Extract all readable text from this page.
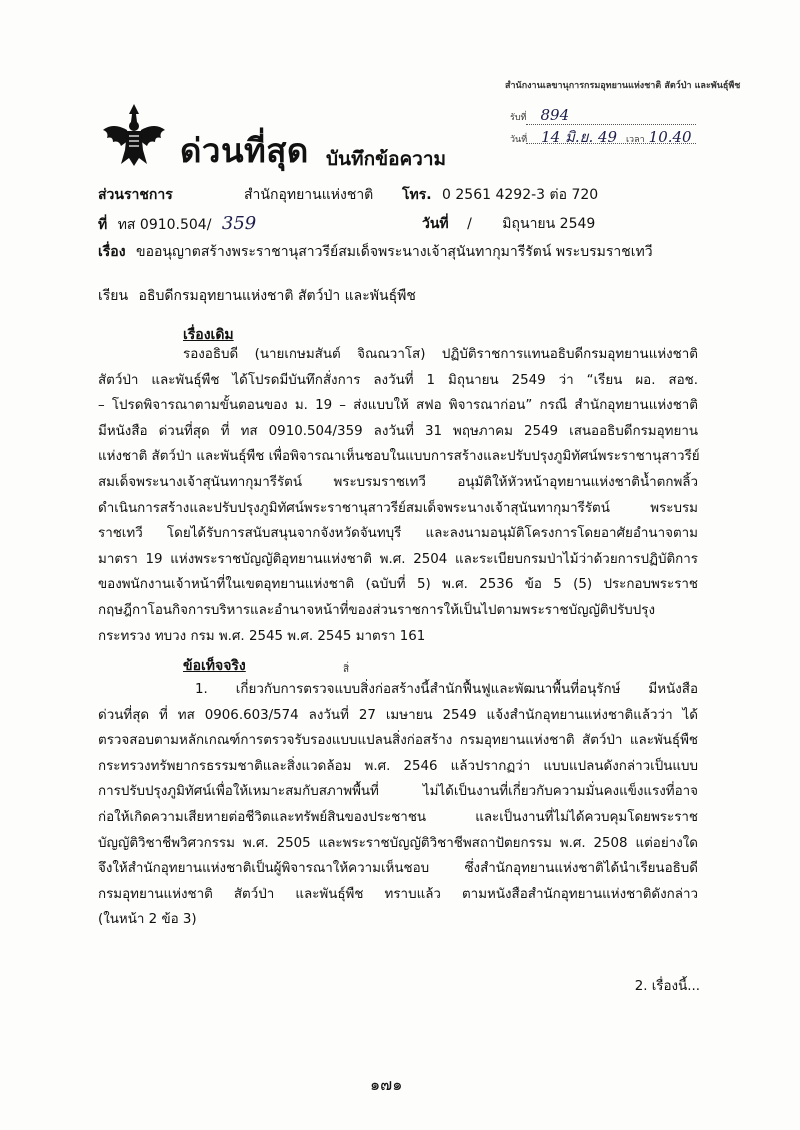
สำนักงานเลขานุการกรมอุทยานแห่งชาติ สัตว์ป่า และพันธุ์พืช
รับที่ 894
วันที่ 14 มิ.ย. 49 เวลา 10.40
ด่วนที่สุด บันทึกข้อความ
ส่วนราชการ	สำนักอุทยานแห่งชาติ โทร. 0 2561 4292-3 ต่อ 720
ที่ ทส 0910.504/ 359	วันที่ / มิถุนายน 2549
เรื่อง ขออนุญาตสร้างพระราชานุสาวรีย์สมเด็จพระนางเจ้าสุนันทากุมารีรัตน์ พระบรมราชเทวี
เรียน อธิบดีกรมอุทยานแห่งชาติ สัตว์ป่า และพันธุ์พืช
เรื่องเดิม
รองอธิบดี (นายเกษมสันต์ จิณณวาโส) ปฏิบัติราชการแทนอธิบดีกรมอุทยานแห่งชาติ
สัตว์ป่า และพันธุ์พืช ได้โปรดมีบันทึกสั่งการ ลงวันที่ 1 มิถุนายน 2549 ว่า “เรียน ผอ. สอช.
– โปรดพิจารณาตามขั้นตอนของ ม. 19 – ส่งแบบให้ สฟอ พิจารณาก่อน” กรณี สำนักอุทยานแห่งชาติ
มีหนังสือ ด่วนที่สุด ที่ ทส 0910.504/359 ลงวันที่ 31 พฤษภาคม 2549 เสนออธิบดีกรมอุทยาน
แห่งชาติ สัตว์ป่า และพันธุ์พืช เพื่อพิจารณาเห็นชอบในแบบการสร้างและปรับปรุงภูมิทัศน์พระราชานุสาวรีย์
สมเด็จพระนางเจ้าสุนันทากุมารีรัตน์ พระบรมราชเทวี อนุมัติให้หัวหน้าอุทยานแห่งชาติน้ำตกพลิ้ว
ดำเนินการสร้างและปรับปรุงภูมิทัศน์พระราชานุสาวรีย์สมเด็จพระนางเจ้าสุนันทากุมารีรัตน์ พระบรม
ราชเทวี โดยได้รับการสนับสนุนจากจังหวัดจันทบุรี และลงนามอนุมัติโครงการโดยอาศัยอำนาจตาม
มาตรา 19 แห่งพระราชบัญญัติอุทยานแห่งชาติ พ.ศ. 2504 และระเบียบกรมป่าไม้ว่าด้วยการปฏิบัติการ
ของพนักงานเจ้าหน้าที่ในเขตอุทยานแห่งชาติ (ฉบับที่ 5) พ.ศ. 2536 ข้อ 5 (5) ประกอบพระราช
กฤษฎีกาโอนกิจการบริหารและอำนาจหน้าที่ของส่วนราชการให้เป็นไปตามพระราชบัญญัติปรับปรุง
กระทรวง ทบวง กรม พ.ศ. 2545 พ.ศ. 2545 มาตรา 161
ข้อเท็จจริง	สิ่
1. เกี่ยวกับการตรวจแบบสิ่งก่อสร้างนี้สำนักฟื้นฟูและพัฒนาพื้นที่อนุรักษ์ มีหนังสือ
ด่วนที่สุด ที่ ทส 0906.603/574 ลงวันที่ 27 เมษายน 2549 แจ้งสำนักอุทยานแห่งชาติแล้วว่า ได้
ตรวจสอบตามหลักเกณฑ์การตรวจรับรองแบบแปลนสิ่งก่อสร้าง กรมอุทยานแห่งชาติ สัตว์ป่า และพันธุ์พืช
กระทรวงทรัพยากรธรรมชาติและสิ่งแวดล้อม พ.ศ. 2546 แล้วปรากฏว่า แบบแปลนดังกล่าวเป็นแบบ
การปรับปรุงภูมิทัศน์เพื่อให้เหมาะสมกับสภาพพื้นที่ ไม่ได้เป็นงานที่เกี่ยวกับความมั่นคงแข็งแรงที่อาจ
ก่อให้เกิดความเสียหายต่อชีวิตและทรัพย์สินของประชาชน และเป็นงานที่ไม่ได้ควบคุมโดยพระราช
บัญญัติวิชาชีพวิศวกรรม พ.ศ. 2505 และพระราชบัญญัติวิชาชีพสถาปัตยกรรม พ.ศ. 2508 แต่อย่างใด
จึงให้สำนักอุทยานแห่งชาติเป็นผู้พิจารณาให้ความเห็นชอบ ซึ่งสำนักอุทยานแห่งชาติได้นำเรียนอธิบดี
กรมอุทยานแห่งชาติ สัตว์ป่า และพันธุ์พืช ทราบแล้ว ตามหนังสือสำนักอุทยานแห่งชาติดังกล่าว
(ในหน้า 2 ข้อ 3)
2. เรื่องนี้...
๑๗๑
